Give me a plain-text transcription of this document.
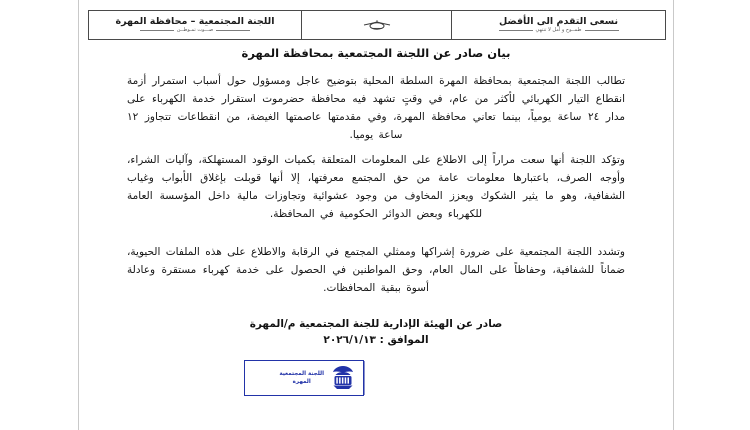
نسعى التقدم الى الأفضل
طمــوح و أمل لا تنتهي
اللجنة المجتمعية – محافظة المهرة
صـــوت تمـوطــن
بيان صادر عن اللجنة المجتمعية بمحافظة المهرة

تطالب اللجنة المجتمعية بمحافظة المهرة السلطة المحلية بتوضيح عاجل ومسؤول حول أسباب استمرار أزمة انقطاع التيار الكهربائي لأكثر من عام، في وقتٍ تشهد فيه محافظة حضرموت استقرار خدمة الكهرباء على مدار ٢٤ ساعة يومياً، بينما تعاني محافظة المهرة، وفي مقدمتها عاصمتها الغيضة، من انقطاعات تتجاوز ١٢ ساعة يوميا.

وتؤكد اللجنة أنها سعت مراراً إلى الاطلاع على المعلومات المتعلقة بكميات الوقود المستهلكة، وآليات الشراء، وأوجه الصرف، باعتبارها معلومات عامة من حق المجتمع معرفتها، إلا أنها قوبلت بإغلاق الأبواب وغياب الشفافية، وهو ما يثير الشكوك ويعزز المخاوف من وجود عشوائية وتجاوزات مالية داخل المؤسسة العامة للكهرباء وبعض الدوائر الحكومية في المحافظة.

وتشدد اللجنة المجتمعية على ضرورة إشراكها وممثلي المجتمع في الرقابة والاطلاع على هذه الملفات الحيوية، ضماناً للشفافية، وحفاظاً على المال العام، وحق المواطنين في الحصول على خدمة كهرباء مستقرة وعادلة أسوة ببقية المحافظات.

صادر عن الهيئة الإدارية للجنة المجتمعية م/المهرة
الموافق : ٢٠٢٦/١/١٣
اللجنة المجتمعية
المهرة
